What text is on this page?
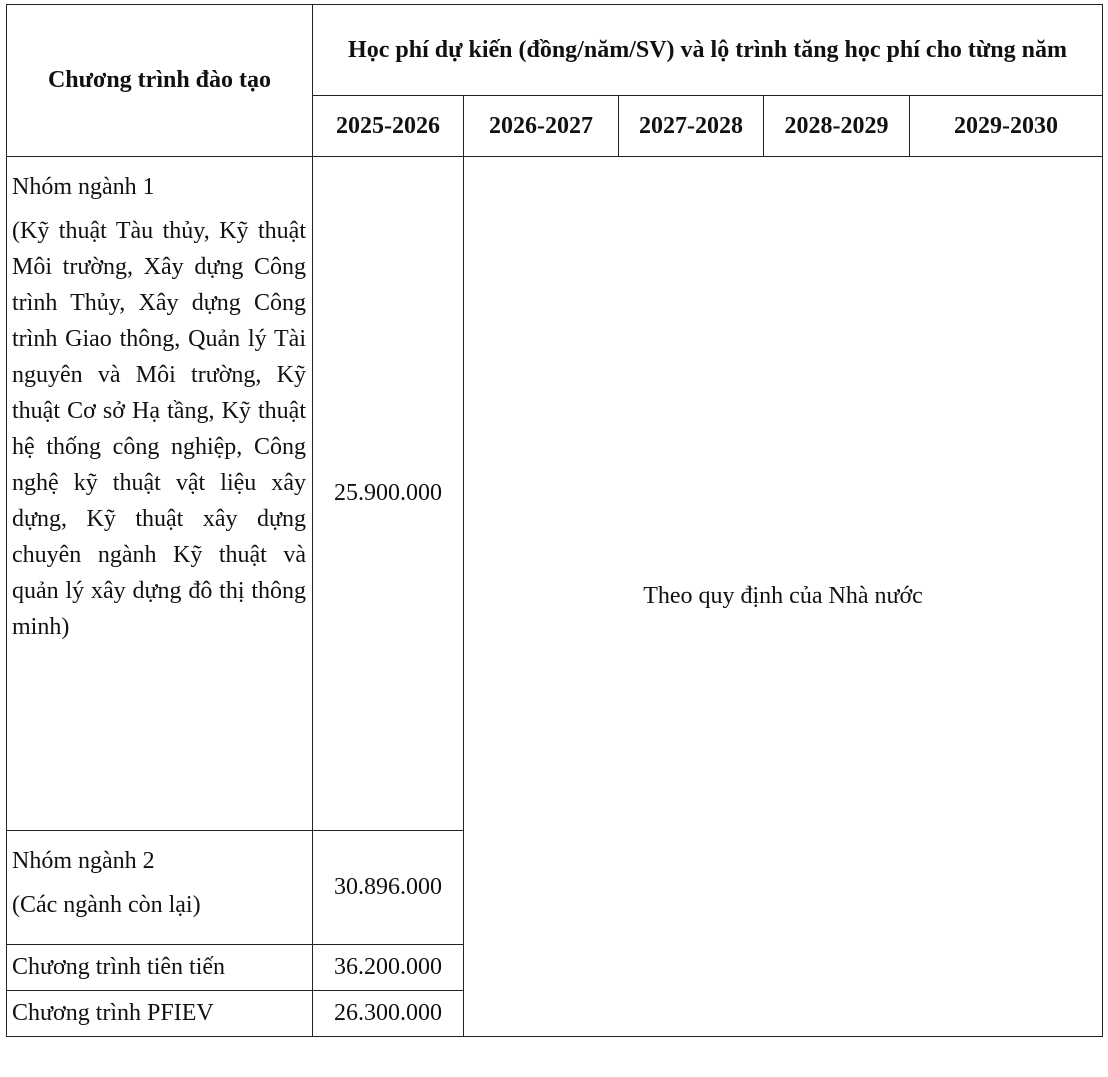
Chương trình đào tạo	Học phí dự kiến (đồng/năm/SV) và lộ trình tăng học phí cho từng năm				
	2025-2026	2026-2027	2027-2028	2028-2029	2029-2030

Nhóm ngành 1

(Kỹ thuật Tàu thủy, Kỹ thuật Môi trường, Xây dựng Công trình Thủy, Xây dựng Công trình Giao thông, Quản lý Tài nguyên và Môi trường, Kỹ thuật Cơ sở Hạ tầng, Kỹ thuật hệ thống công nghiệp, Công nghệ kỹ thuật vật liệu xây dựng, Kỹ thuật xây dựng chuyên ngành Kỹ thuật và quản lý xây dựng đô thị thông minh)	25.900.000	Theo quy định của Nhà nước			

Nhóm ngành 2

(Các ngành còn lại)	30.896.000				
Chương trình tiên tiến	36.200.000				
Chương trình PFIEV	26.300.000				
